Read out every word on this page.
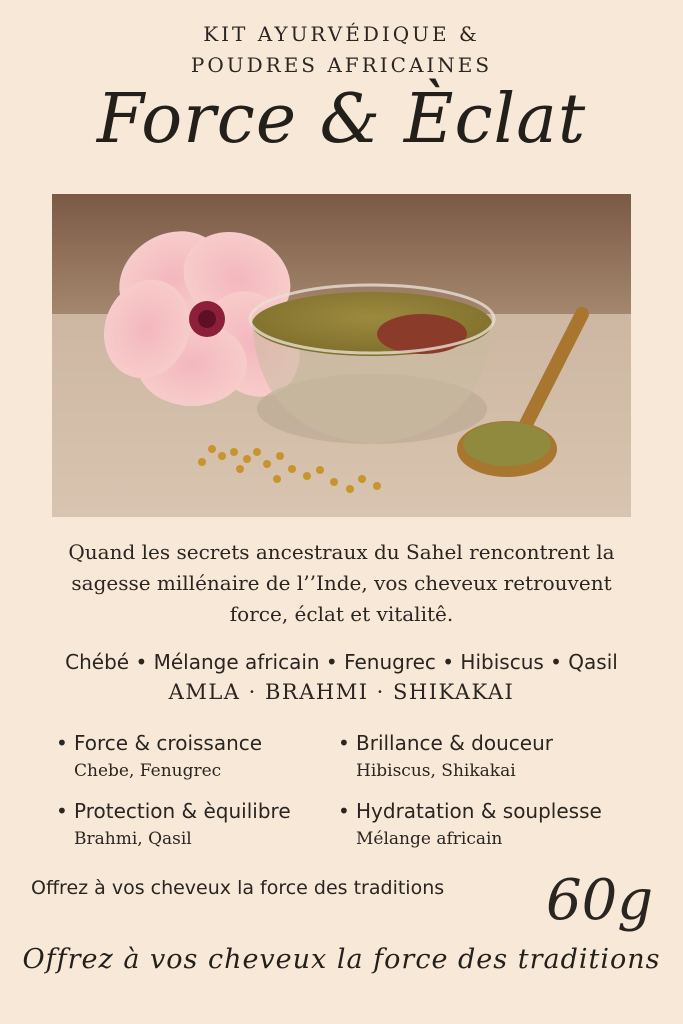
KIT AYURVÉDIQUE &
POUDRES AFRICAINES
Force & Èclat
Quand les secrets ancestraux du Sahel rencontrent la
sagesse millénaire de l’’Inde, vos cheveux retrouvent
force, éclat et vitalitê.
Chébé • Mélange africain • Fenugrec • Hibiscus • Qasil
AMLA · BRAHMI · SHIKAKAI
• Force & croissance
Chebe, Fenugrec
• Brillance & douceur
Hibiscus, Shikakai
• Protection & èquilibre
Brahmi, Qasil
• Hydratation & souplesse
Mélange africain
Offrez à vos cheveux la force des traditions 60g
Offrez à vos cheveux la force des traditions
